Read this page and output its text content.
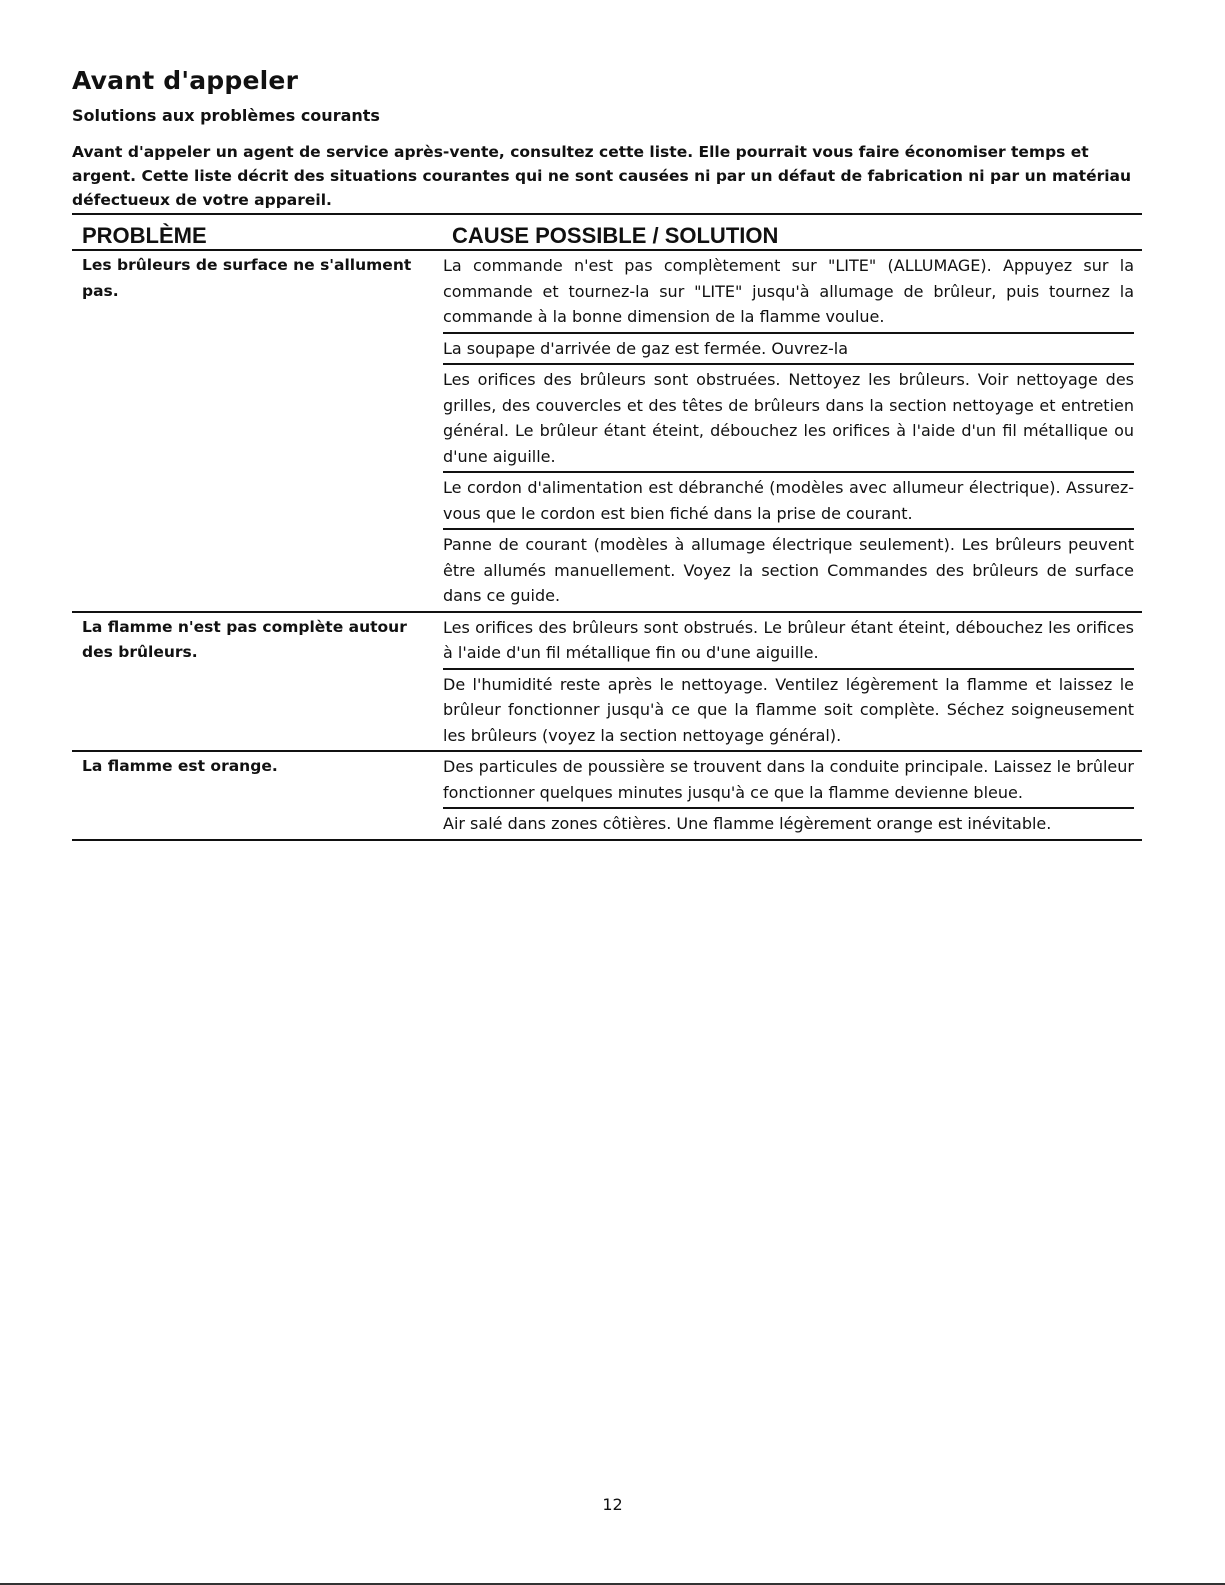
Avant d'appeler
Solutions aux problèmes courants
Avant d'appeler un agent de service après-vente, consultez cette liste. Elle pourrait vous faire économiser temps et argent. Cette liste décrit des situations courantes qui ne sont causées ni par un défaut de fabrication ni par un matériau défectueux de votre appareil.
PROBLÈME	CAUSE POSSIBLE / SOLUTION
Les brûleurs de surface ne s'allument pas.
La commande n'est pas complètement sur "LITE" (ALLUMAGE). Appuyez sur la commande et tournez-la sur "LITE" jusqu'à allumage de brûleur, puis tournez la commande à la bonne dimension de la flamme voulue.
La soupape d'arrivée de gaz est fermée. Ouvrez-la
Les orifices des brûleurs sont obstruées. Nettoyez les brûleurs. Voir nettoyage des grilles, des couvercles et des têtes de brûleurs dans la section nettoyage et entretien général. Le brûleur étant éteint, débouchez les orifices à l'aide d'un fil métallique ou d'une aiguille.
Le cordon d'alimentation est débranché (modèles avec allumeur électrique). Assurez-vous que le cordon est bien fiché dans la prise de courant.
Panne de courant (modèles à allumage électrique seulement). Les brûleurs peuvent être allumés manuellement. Voyez la section Commandes des brûleurs de surface dans ce guide.
La flamme n'est pas complète autour des brûleurs.
Les orifices des brûleurs sont obstrués. Le brûleur étant éteint, débouchez les orifices à l'aide d'un fil métallique fin ou d'une aiguille.
De l'humidité reste après le nettoyage. Ventilez légèrement la flamme et laissez le brûleur fonctionner jusqu'à ce que la flamme soit complète. Séchez soigneusement les brûleurs (voyez la section nettoyage général).
La flamme est orange.	Des particules de poussière se trouvent dans la conduite principale. Laissez le brûleur fonctionner quelques minutes jusqu'à ce que la flamme devienne bleue.
Air salé dans zones côtières. Une flamme légèrement orange est inévitable.
12
